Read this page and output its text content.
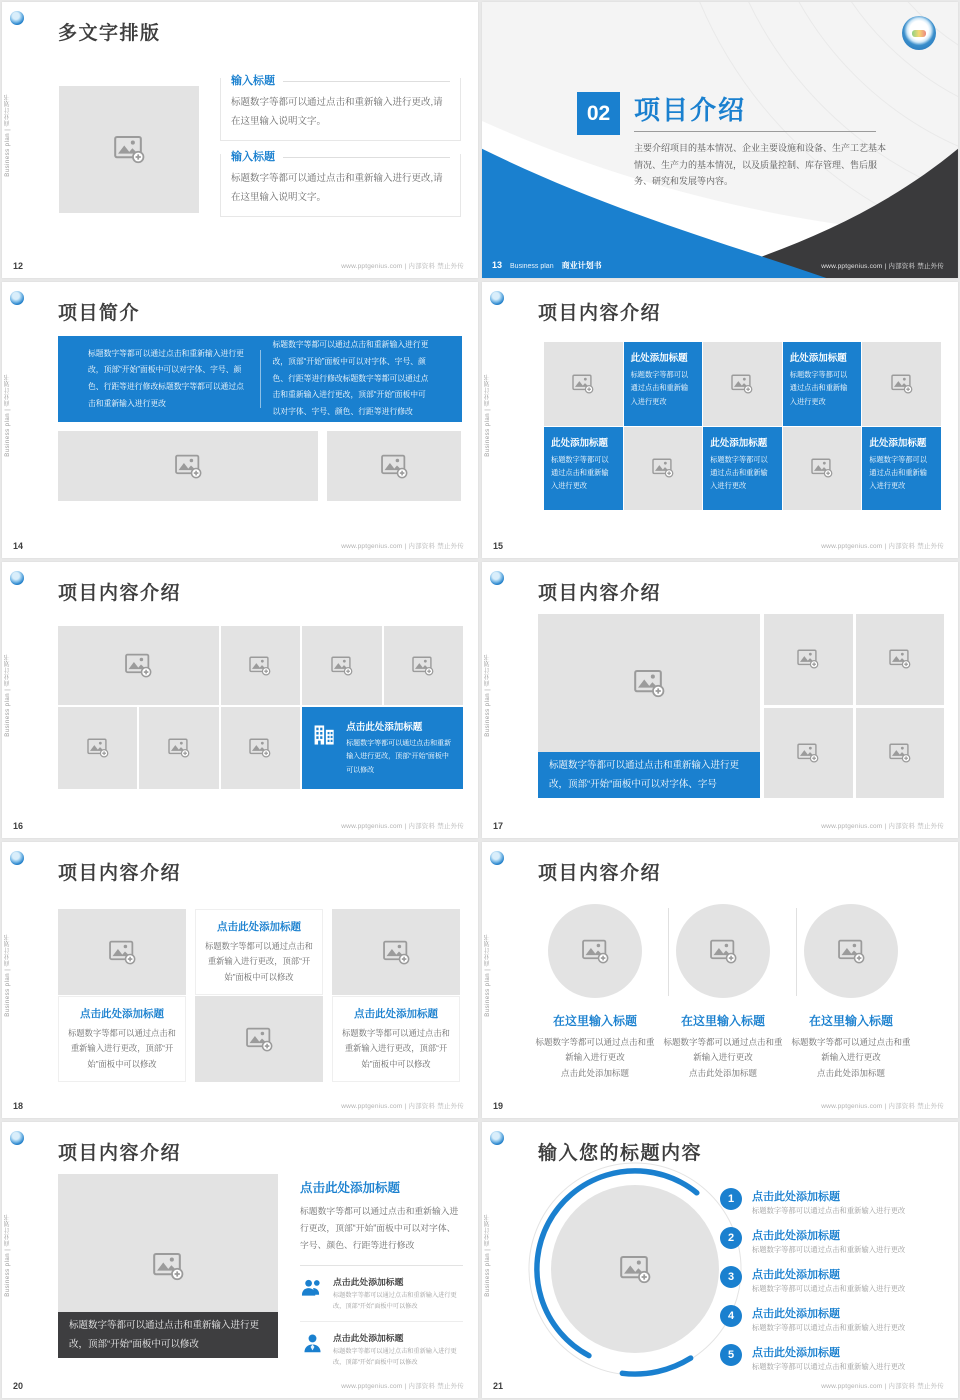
Business plan | 商业计划书
多文字排版
输入标题
标题数字等都可以通过点击和重新输入进行更改,请在这里输入说明文字。
输入标题
标题数字等都可以通过点击和重新输入进行更改,请在这里输入说明文字。
12	www.pptgenius.com | 内部资料 禁止外传
02 项目介绍
主要介绍项目的基本情况、企业主要设施和设备、生产工艺基本情况、生产力的基本情况，以及质量控制、库存管理、售后服务、研究和发展等内容。
13 Business plan 商业计划书	www.pptgenius.com | 内部资料 禁止外传
Business plan | 商业计划书
项目简介
标题数字等都可以通过点击和重新输入进行更改，顶部“开始”面板中可以对字体、字号、颜色、行距等进行修改标题数字等都可以通过点击和重新输入进行更改
标题数字等都可以通过点击和重新输入进行更改，顶部“开始”面板中可以对字体、字号、颜色、行距等进行修改标题数字等都可以通过点击和重新输入进行更改，顶部“开始”面板中可以对字体、字号、颜色、行距等进行修改
14	www.pptgenius.com | 内部资料 禁止外传
Business plan | 商业计划书
项目内容介绍
此处添加标题
标题数字等都可以通过点击和重新输入进行更改
此处添加标题
标题数字等都可以通过点击和重新输入进行更改
此处添加标题
标题数字等都可以通过点击和重新输入进行更改
此处添加标题
标题数字等都可以通过点击和重新输入进行更改
此处添加标题
标题数字等都可以通过点击和重新输入进行更改
15	www.pptgenius.com | 内部资料 禁止外传
Business plan | 商业计划书
项目内容介绍
点击此处添加标题
标题数字等都可以通过点击和重新输入进行更改，顶部“开始”面板中可以修改
16	www.pptgenius.com | 内部资料 禁止外传
Business plan | 商业计划书
项目内容介绍
标题数字等都可以通过点击和重新输入进行更改，顶部“开始”面板中可以对字体、字号
17	www.pptgenius.com | 内部资料 禁止外传
Business plan | 商业计划书
项目内容介绍
点击此处添加标题
标题数字等都可以通过点击和重新输入进行更改，顶部“开始”面板中可以修改
点击此处添加标题
标题数字等都可以通过点击和重新输入进行更改，顶部“开始”面板中可以修改
点击此处添加标题
标题数字等都可以通过点击和重新输入进行更改，顶部“开始”面板中可以修改
18	www.pptgenius.com | 内部资料 禁止外传
Business plan | 商业计划书
项目内容介绍
在这里输入标题
标题数字等都可以通过点击和重新输入进行更改
点击此处添加标题
在这里输入标题
标题数字等都可以通过点击和重新输入进行更改
点击此处添加标题
在这里输入标题
标题数字等都可以通过点击和重新输入进行更改
点击此处添加标题
19	www.pptgenius.com | 内部资料 禁止外传
Business plan | 商业计划书
项目内容介绍
标题数字等都可以通过点击和重新输入进行更改，顶部“开始”面板中可以修改
点击此处添加标题
标题数字等都可以通过点击和重新输入进行更改，顶部“开始”面板中可以对字体、字号、颜色、行距等进行修改
点击此处添加标题
标题数字等都可以通过点击和重新输入进行更改，顶部“开始”面板中可以修改
点击此处添加标题
标题数字等都可以通过点击和重新输入进行更改，顶部“开始”面板中可以修改
20	www.pptgenius.com | 内部资料 禁止外传
Business plan | 商业计划书
输入您的标题内容
1	点击此处添加标题
标题数字等都可以通过点击和重新输入进行更改
2	点击此处添加标题
标题数字等都可以通过点击和重新输入进行更改
3	点击此处添加标题
标题数字等都可以通过点击和重新输入进行更改
4	点击此处添加标题
标题数字等都可以通过点击和重新输入进行更改
5	点击此处添加标题
标题数字等都可以通过点击和重新输入进行更改
21	www.pptgenius.com | 内部资料 禁止外传
